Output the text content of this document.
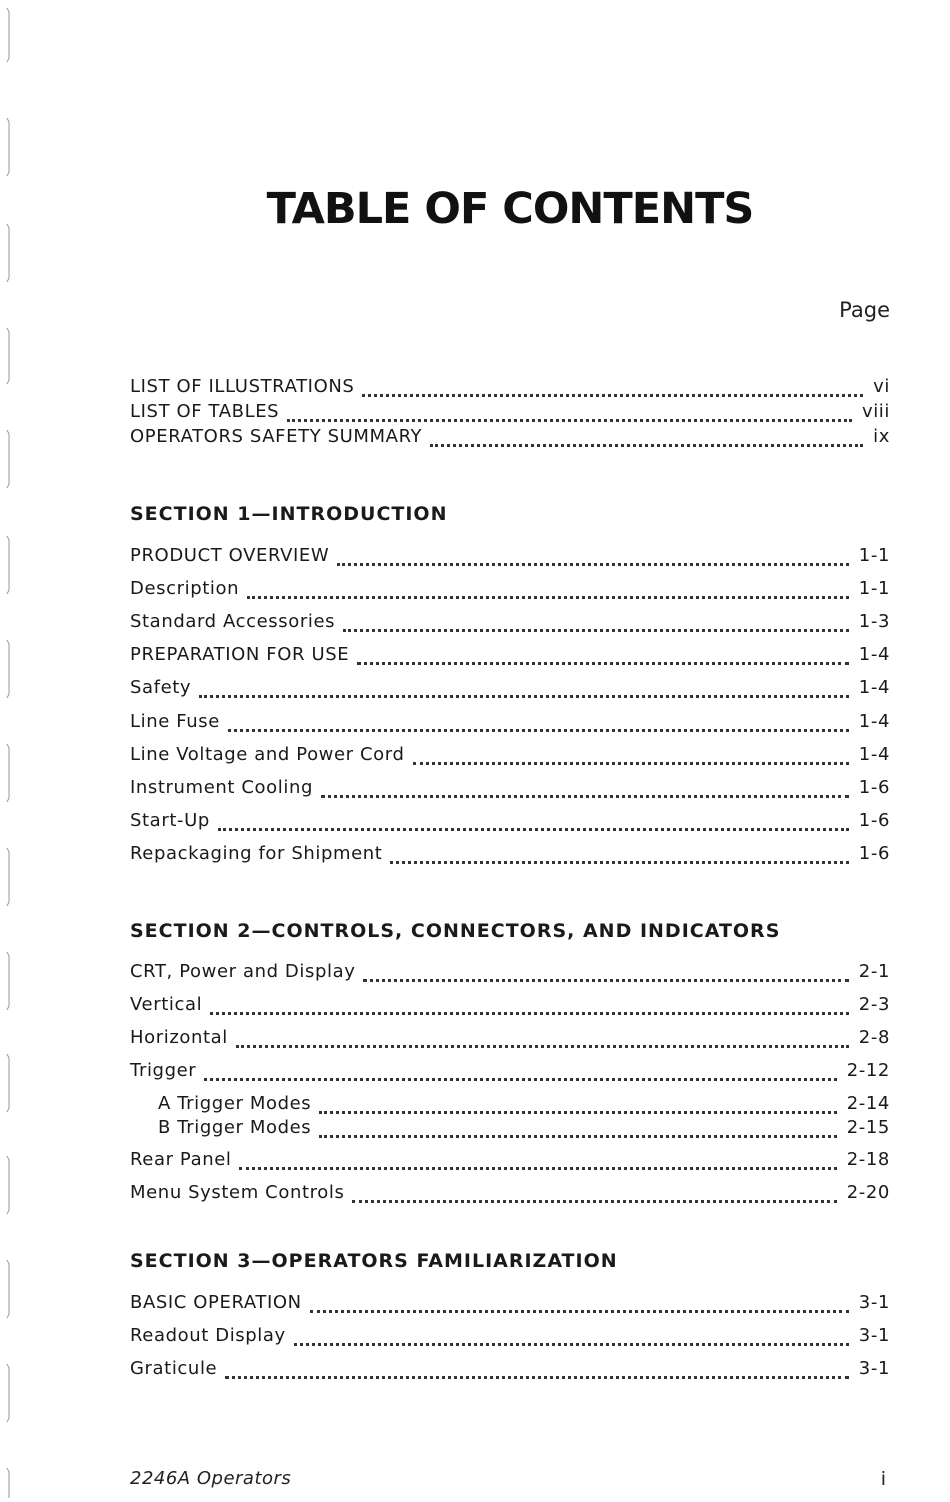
TABLE OF CONTENTS
Page
LIST OF ILLUSTRATIONS	vi
LIST OF TABLES	viii
OPERATORS SAFETY SUMMARY	ix
SECTION 1—INTRODUCTION
PRODUCT OVERVIEW	1-1
Description	1-1
Standard Accessories	1-3
PREPARATION FOR USE	1-4
Safety	1-4
Line Fuse	1-4
Line Voltage and Power Cord	1-4
Instrument Cooling	1-6
Start-Up	1-6
Repackaging for Shipment	1-6
SECTION 2—CONTROLS, CONNECTORS, AND INDICATORS
CRT, Power and Display	2-1
Vertical	2-3
Horizontal	2-8
Trigger	2-12
A Trigger Modes	2-14
B Trigger Modes	2-15
Rear Panel	2-18
Menu System Controls	2-20
SECTION 3—OPERATORS FAMILIARIZATION
BASIC OPERATION	3-1
Readout Display	3-1
Graticule	3-1
2246A Operators	i
